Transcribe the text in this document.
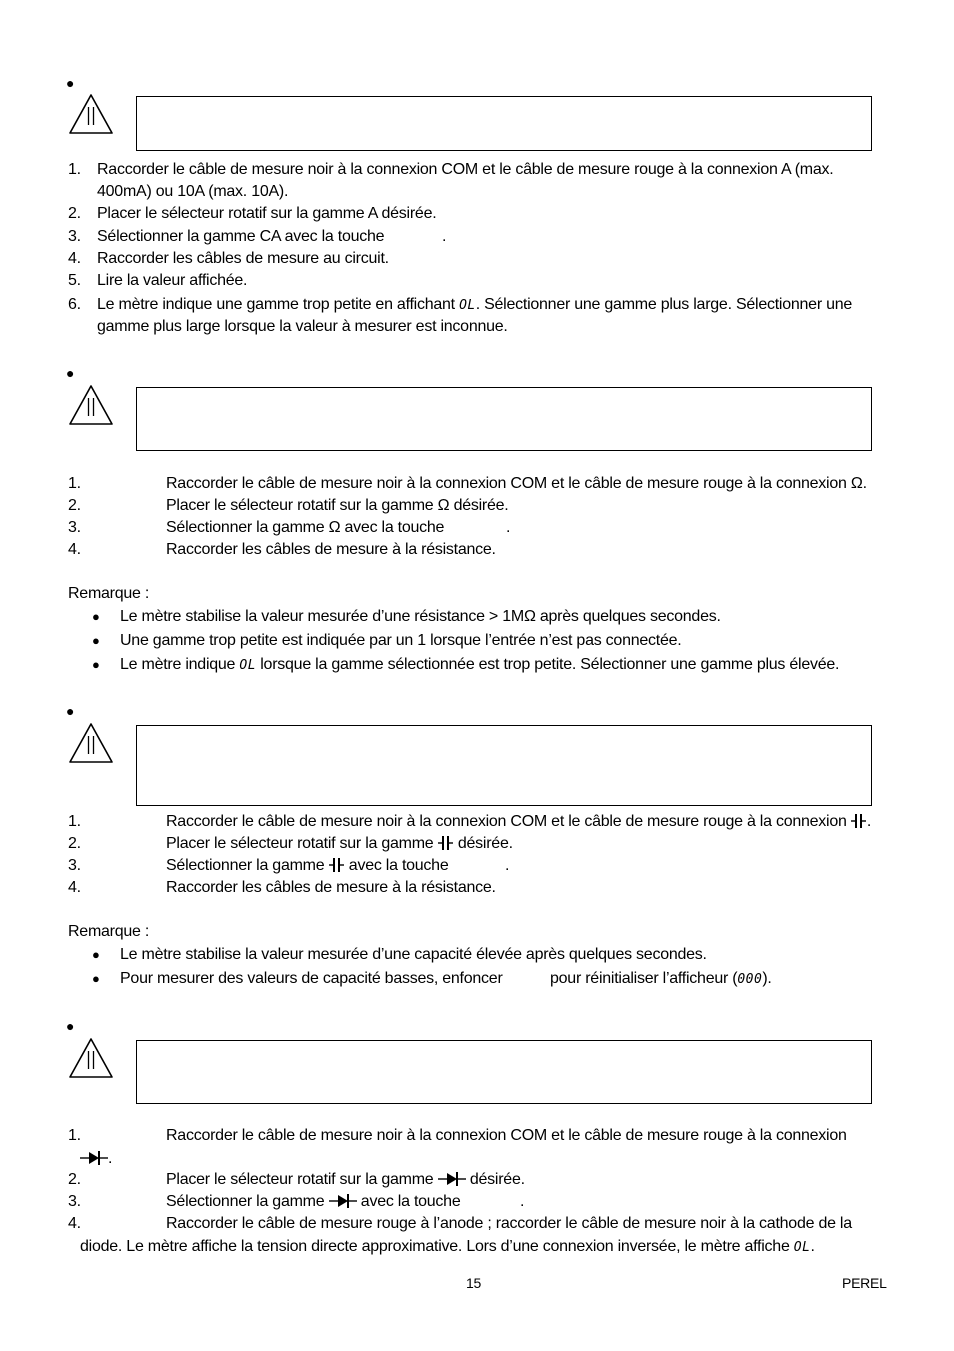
●
1. Raccorder le câble de mesure noir à la connexion COM et le câble de mesure rouge à la connexion A (max.
400mA) ou 10A (max. 10A).
2. Placer le sélecteur rotatif sur la gamme A désirée.
3. Sélectionner la gamme CA avec la touche	.
4. Raccorder les câbles de mesure au circuit.
5. Lire la valeur affichée.
6. Le mètre indique une gamme trop petite en affichant OL. Sélectionner une gamme plus large. Sélectionner une
gamme plus large lorsque la valeur à mesurer est inconnue.
●
1.	Raccorder le câble de mesure noir à la connexion COM et le câble de mesure rouge à la connexion Ω.
2.	Placer le sélecteur rotatif sur la gamme Ω désirée.
3.	Sélectionner la gamme Ω avec la touche	.
4.	Raccorder les câbles de mesure à la résistance.
Remarque :
● Le mètre stabilise la valeur mesurée d’une résistance > 1MΩ après quelques secondes.
● Une gamme trop petite est indiquée par un 1 lorsque l’entrée n’est pas connectée.
● Le mètre indique OL lorsque la gamme sélectionnée est trop petite. Sélectionner une gamme plus élevée.
●
1.	Raccorder le câble de mesure noir à la connexion COM et le câble de mesure rouge à la connexion .
2.	Placer le sélecteur rotatif sur la gamme désirée.
3.	Sélectionner la gamme avec la touche	.
4.	Raccorder les câbles de mesure à la résistance.
Remarque :
● Le mètre stabilise la valeur mesurée d’une capacité élevée après quelques secondes.
● Pour mesurer des valeurs de capacité basses, enfoncer	pour réinitialiser l’afficheur (000).
●
1.	Raccorder le câble de mesure noir à la connexion COM et le câble de mesure rouge à la connexion
.
2.	Placer le sélecteur rotatif sur la gamme désirée.
3.	Sélectionner la gamme avec la touche	.
4.	Raccorder le câble de mesure rouge à l’anode ; raccorder le câble de mesure noir à la cathode de la
diode. Le mètre affiche la tension directe approximative. Lors d’une connexion inversée, le mètre affiche OL.
15	PEREL
